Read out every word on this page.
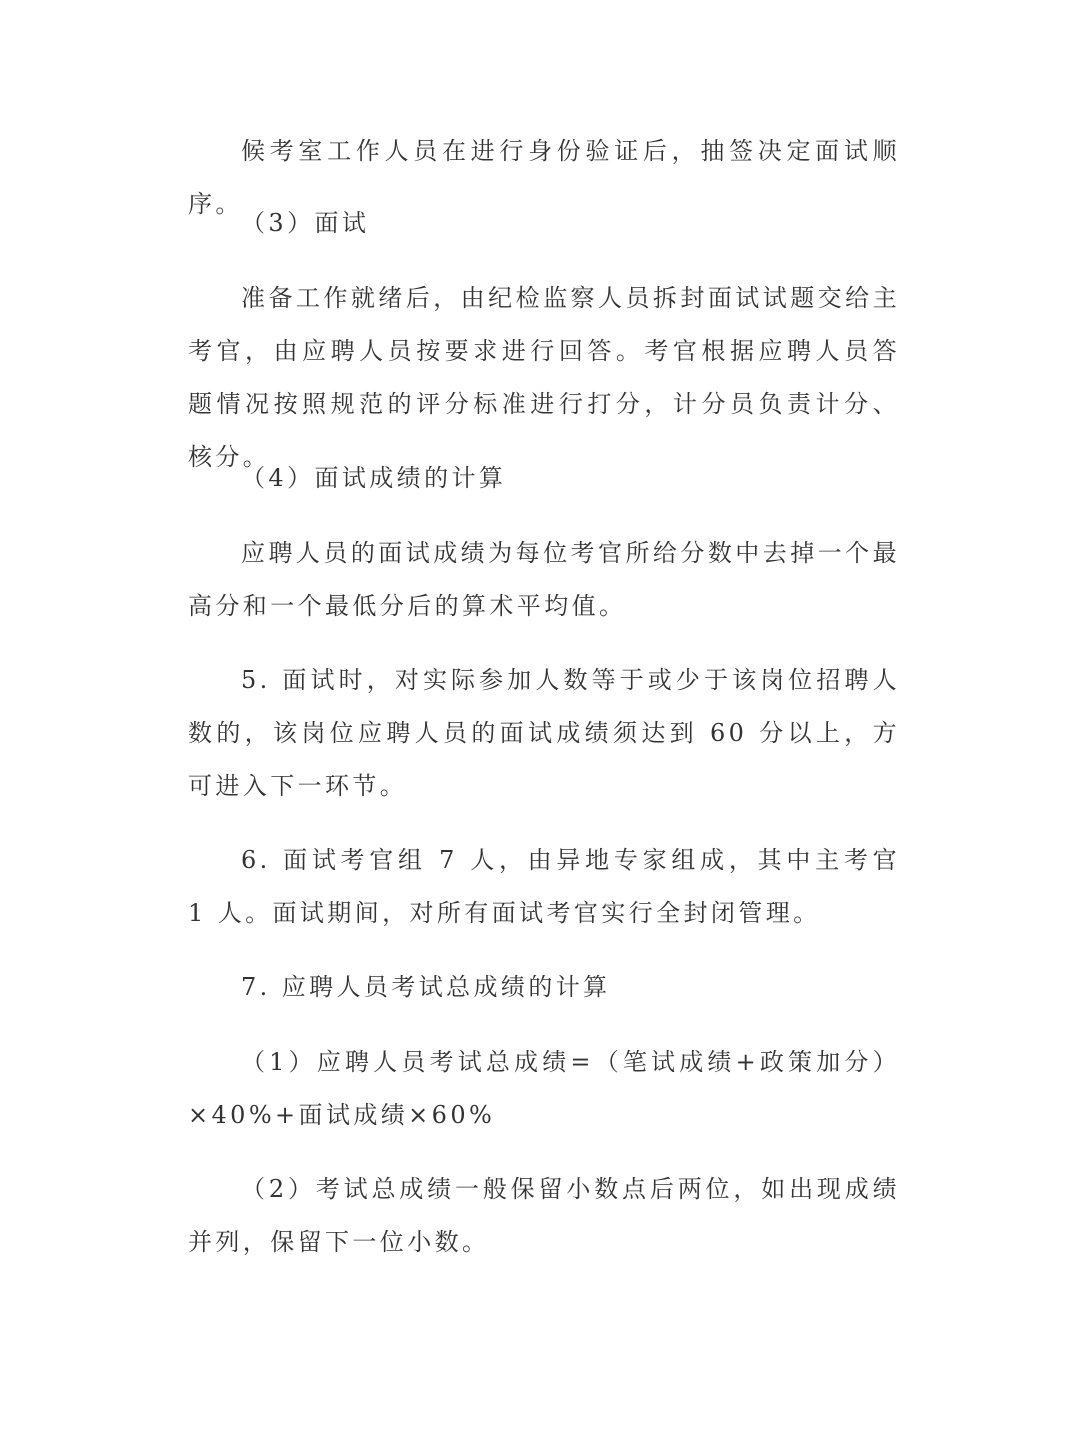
候考室工作人员在进行身份验证后，抽签决定面试顺序。

（3）面试

准备工作就绪后，由纪检监察人员拆封面试试题交给主考官，由应聘人员按要求进行回答。考官根据应聘人员答题情况按照规范的评分标准进行打分，计分员负责计分、核分。

（4）面试成绩的计算

应聘人员的面试成绩为每位考官所给分数中去掉一个最高分和一个最低分后的算术平均值。

5. 面试时，对实际参加人数等于或少于该岗位招聘人数的，该岗位应聘人员的面试成绩须达到 60 分以上，方可进入下一环节。

6. 面试考官组 7 人，由异地专家组成，其中主考官 1 人。面试期间，对所有面试考官实行全封闭管理。

7. 应聘人员考试总成绩的计算

（1）应聘人员考试总成绩=（笔试成绩+政策加分）×40%+面试成绩×60%

（2）考试总成绩一般保留小数点后两位，如出现成绩并列，保留下一位小数。
